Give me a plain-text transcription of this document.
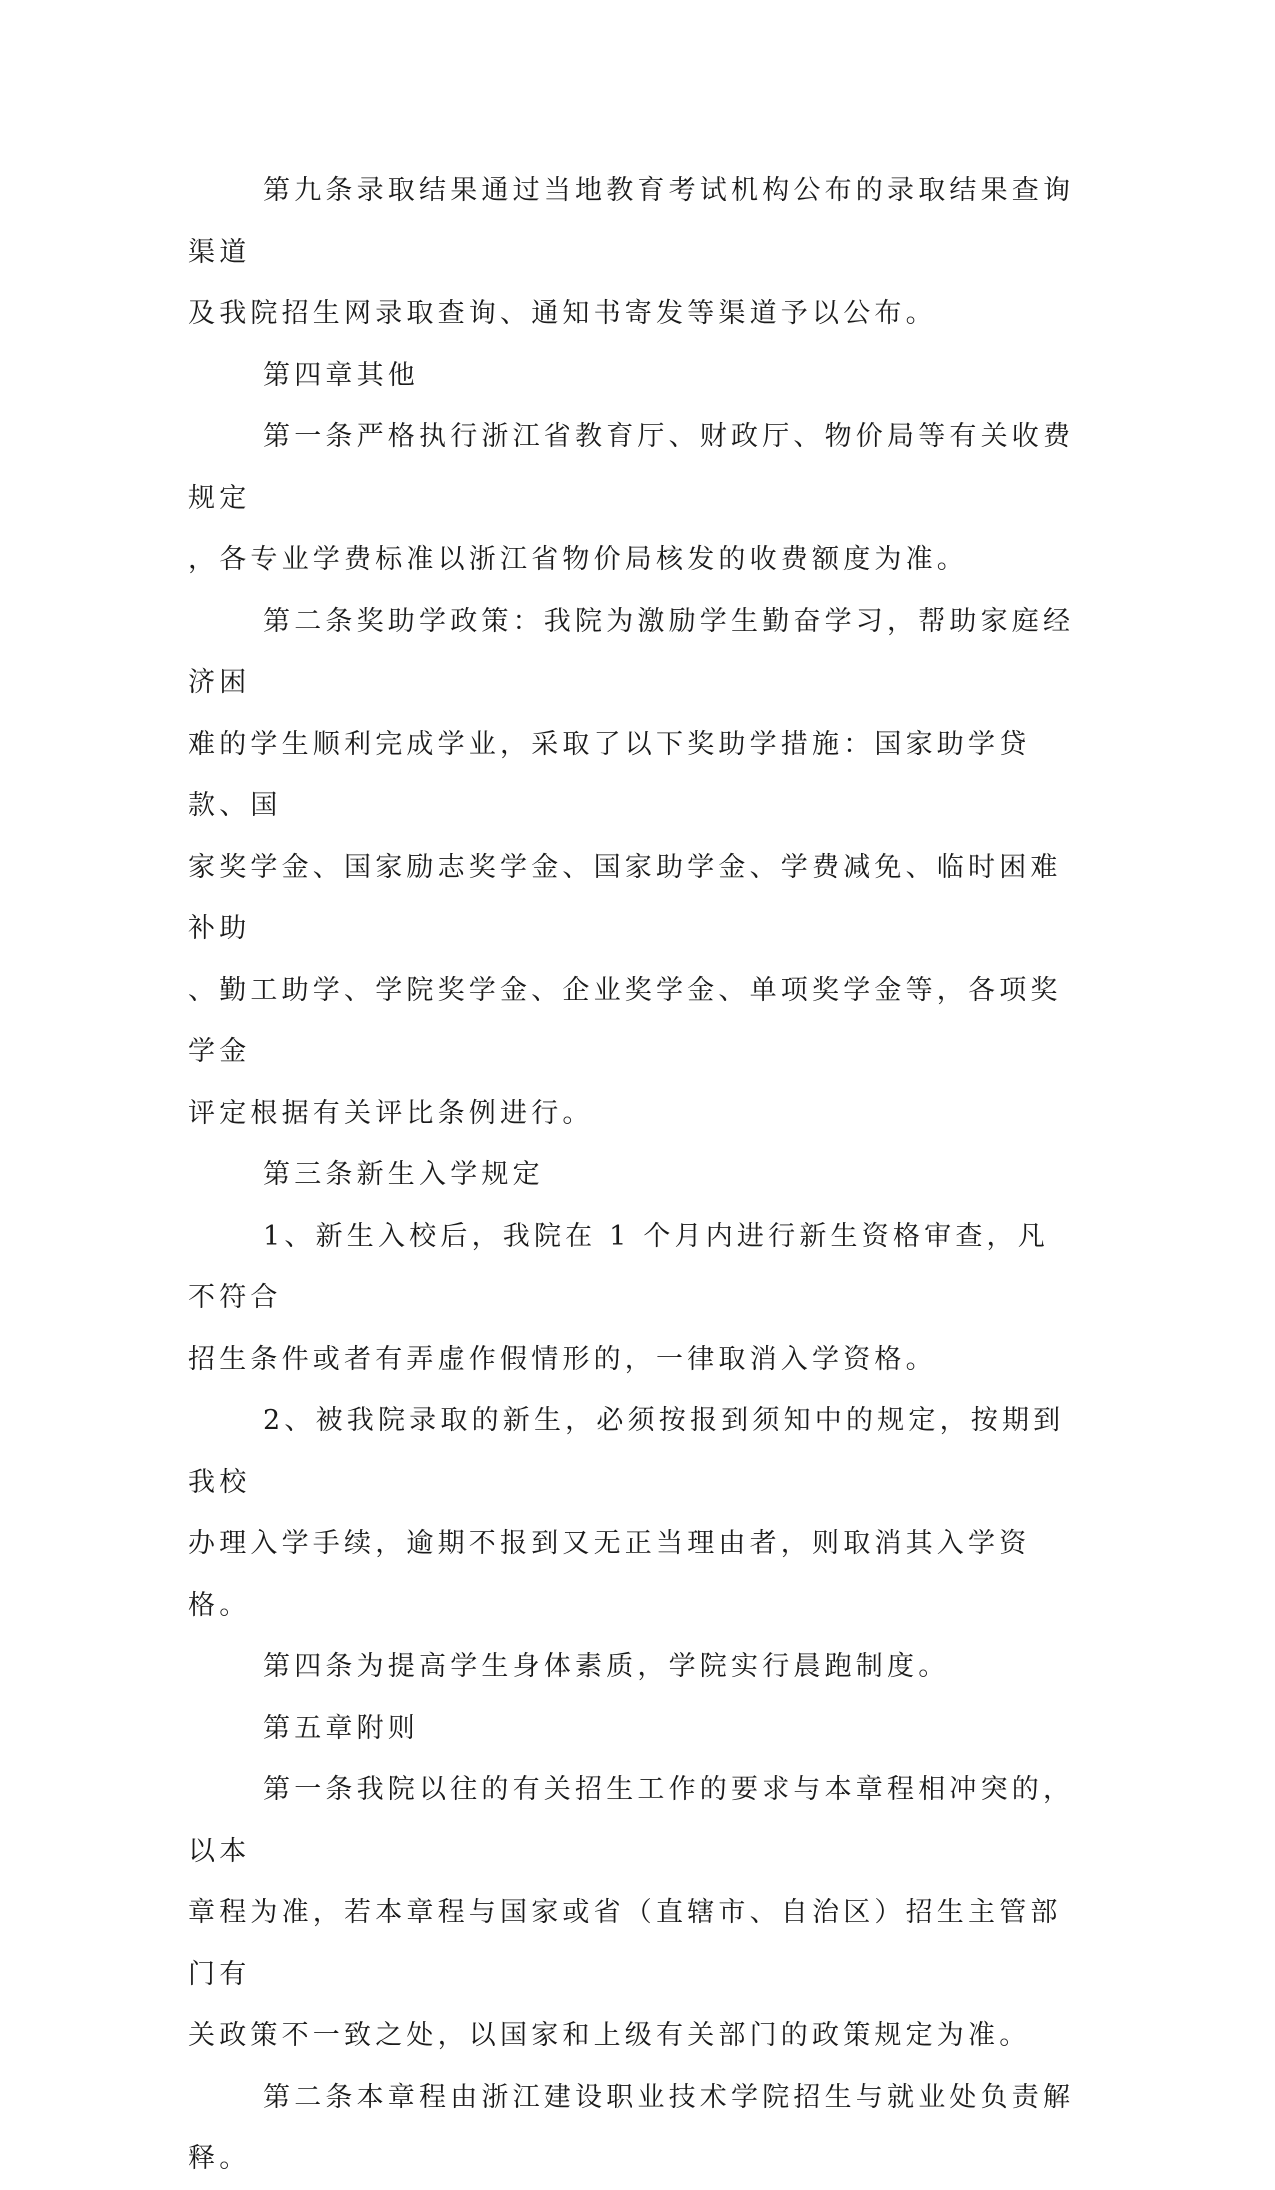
第九条录取结果通过当地教育考试机构公布的录取结果查询渠道
及我院招生网录取查询、通知书寄发等渠道予以公布。

第四章其他

第一条严格执行浙江省教育厅、财政厅、物价局等有关收费规定
，各专业学费标准以浙江省物价局核发的收费额度为准。

第二条奖助学政策：我院为激励学生勤奋学习，帮助家庭经济困
难的学生顺利完成学业，采取了以下奖助学措施：国家助学贷款、国
家奖学金、国家励志奖学金、国家助学金、学费减免、临时困难补助
、勤工助学、学院奖学金、企业奖学金、单项奖学金等，各项奖学金
评定根据有关评比条例进行。

第三条新生入学规定

1、新生入校后，我院在 1 个月内进行新生资格审查，凡不符合
招生条件或者有弄虚作假情形的，一律取消入学资格。

2、被我院录取的新生，必须按报到须知中的规定，按期到我校
办理入学手续，逾期不报到又无正当理由者，则取消其入学资格。

第四条为提高学生身体素质，学院实行晨跑制度。

第五章附则

第一条我院以往的有关招生工作的要求与本章程相冲突的，以本
章程为准，若本章程与国家或省（直辖市、自治区）招生主管部门有
关政策不一致之处，以国家和上级有关部门的政策规定为准。

第二条本章程由浙江建设职业技术学院招生与就业处负责解释。
